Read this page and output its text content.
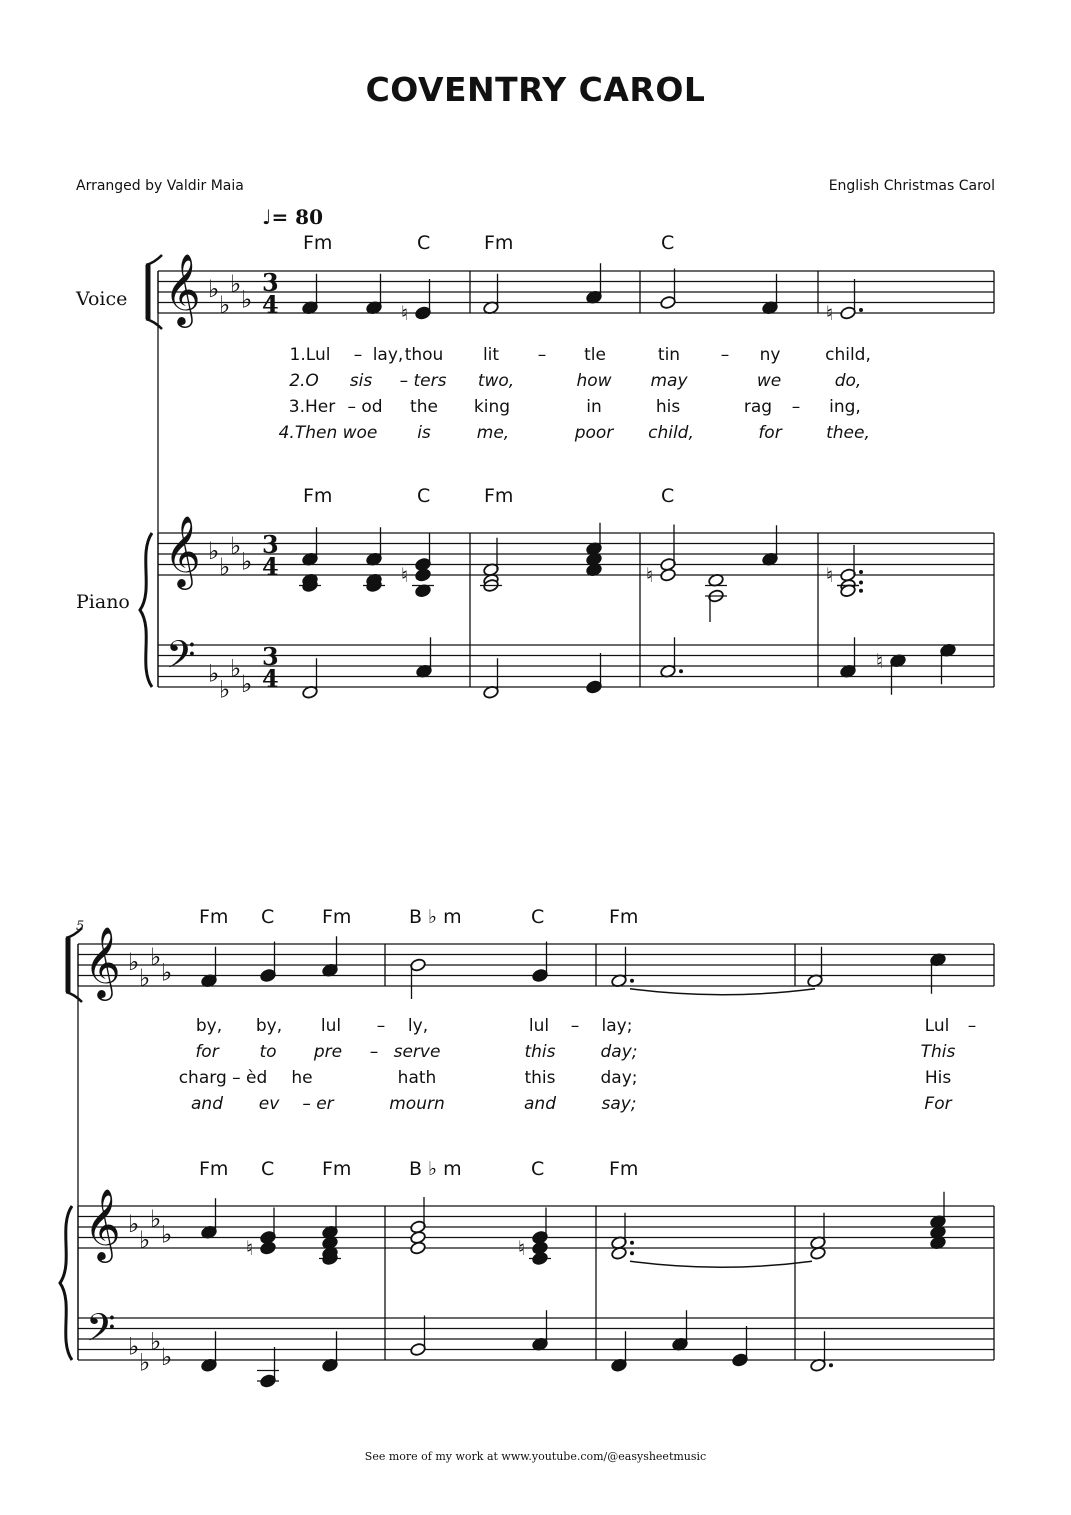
𝄞
𝄞
𝄢
𝄞
𝄞
𝄢
♭
♭
♭
♭
♭
♭
♭
♭
♭
♭
♭
♭
♭
♭
♭
♭
♭
♭
♭
♭
♭
♭
♭
♭
3
4
3
4
3
4
♮	♮
♮	♮	♮
♮
♮	♮
COVENTRY CAROL
Arranged by Valdir Maia	English Christmas Carol
♩= 80
Voice
Piano
5
Fm	C	Fm	C
Fm	C	Fm	C
1.Lul – lay, thou lit – tle	tin – ny	child,
2.O sis – ters two,	how may	we	do,
3.Her – od the king	in	his	rag – ing,
4.Then woe is	me,	poor child,	for	thee,
Fm C	Fm	B ♭ m	C	Fm
Fm C	Fm	B ♭ m	C	Fm
by, by, lul – ly,	lul – lay;	Lul –
for to pre – serve	this	day;	This
charg – èd he	hath	this	day;	His
and ev – er	mourn	and	say;	For
See more of my work at www.youtube.com/@easysheetmusic
